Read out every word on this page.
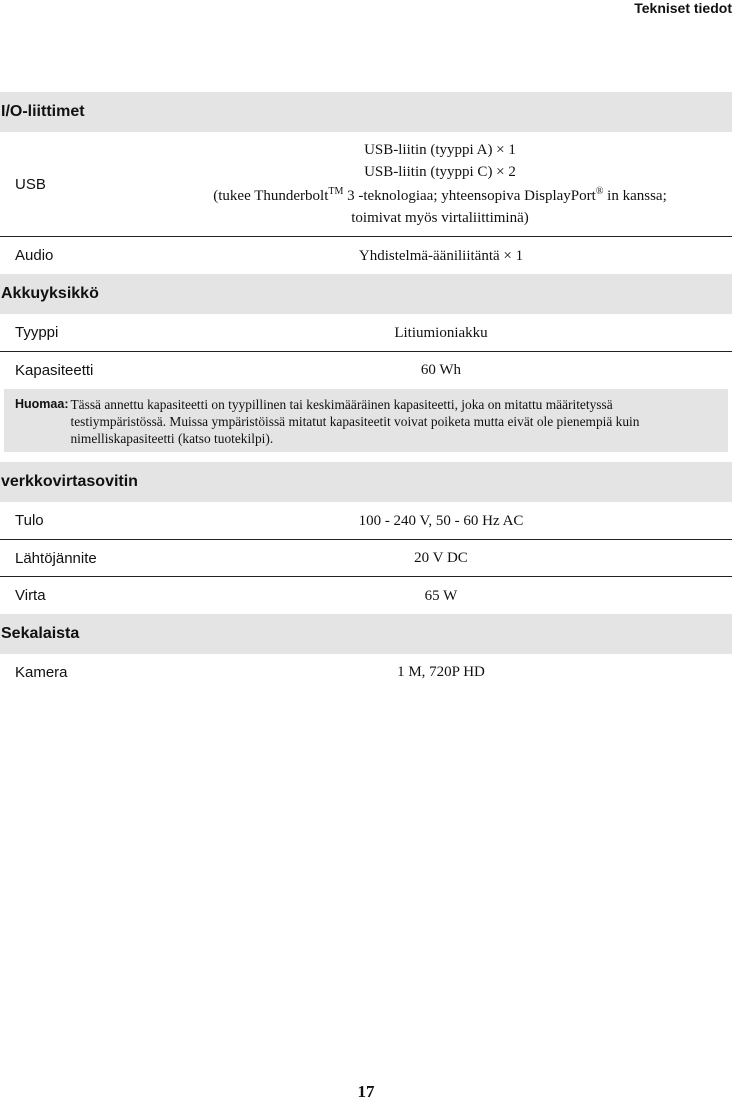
Tekniset tiedot
I/O-liittimet
USB
USB-liitin (tyyppi A) × 1
USB-liitin (tyyppi C) × 2
(tukee Thunderbolt™ 3 -teknologiaa; yhteensopiva DisplayPort® in kanssa;
toimivat myös virtaliittiminä)
Audio	Yhdistelmä-ääniliitäntä × 1
Akkuyksikkö
Tyyppi	Litiumioniakku
Kapasiteetti	60 Wh
Huomaa: Tässä annettu kapasiteetti on tyypillinen tai keskimääräinen kapasiteetti, joka on mitattu määritetyssä testiympäristössä. Muissa ympäristöissä mitatut kapasiteetit voivat poiketa mutta eivät ole pienempiä kuin nimelliskapasiteetti (katso tuotekilpi).
verkkovirtasovitin
Tulo	100 - 240 V, 50 - 60 Hz AC
Lähtöjännite	20 V DC
Virta	65 W
Sekalaista
Kamera	1 M, 720P HD
17
